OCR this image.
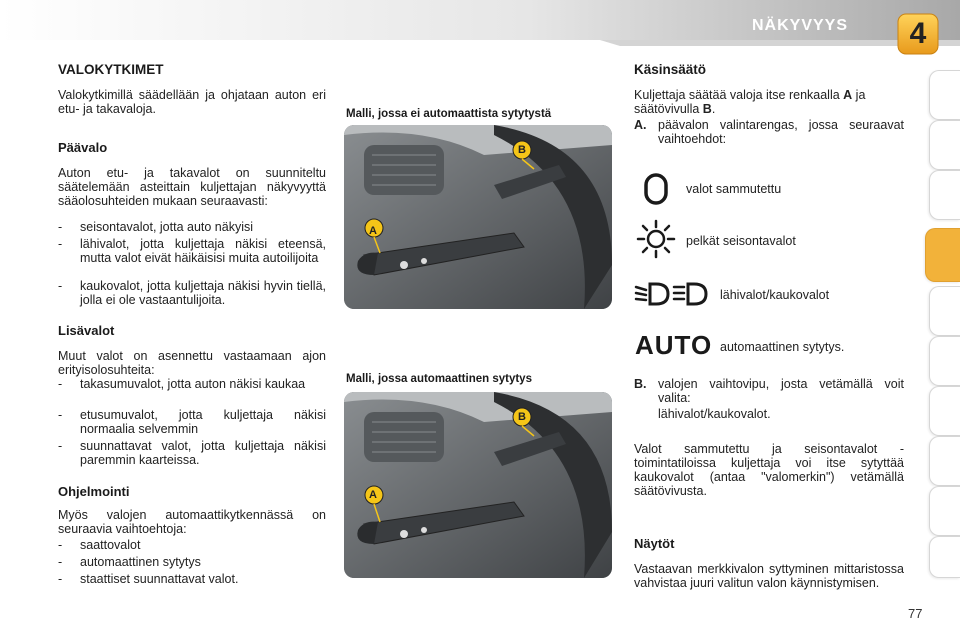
NÄKYVYYS	4
VALOKYTKIMET
Valokytkimillä säädellään ja ohjataan auton eri etu- ja takavaloja.
Päävalo
Auton etu- ja takavalot on suunniteltu säätelemään asteittain kuljettajan näkyvyyttä sääolosuhteiden mukaan seuraavasti:
-	seisontavalot, jotta auto näkyisi
-	lähivalot, jotta kuljettaja näkisi eteensä, mutta valot eivät häikäisisi muita autoilijoita
-	kaukovalot, jotta kuljettaja näkisi hyvin tiellä, jolla ei ole vastaantulijoita.
Lisävalot
Muut valot on asennettu vastaamaan ajon erityisolosuhteita:
-	takasumuvalot, jotta auton näkisi kaukaa
-	etusumuvalot, jotta kuljettaja näkisi normaalia selvemmin
-	suunnattavat valot, jotta kuljettaja näkisi paremmin kaarteissa.
Ohjelmointi
Myös valojen automaattikytkennässä on seuraavia vaihtoehtoja:
-	saattovalot
-	automaattinen sytytys
-	staattiset suunnattavat valot.
Malli, jossa ei automaattista sytytystä
A
B
Malli, jossa automaattinen sytytys
A
B
Käsinsäätö
Kuljettaja säätää valoja itse renkaalla A ja säätövivulla B.
A. päävalon valintarengas, jossa seuraavat vaihtoehdot:
valot sammutettu
pelkät seisontavalot
lähivalot/kaukovalot
AUTO automaattinen sytytys.
B. valojen vaihtovipu, josta vetämällä voit valita:
lähivalot/kaukovalot.
Valot sammutettu ja seisontavalot -toimintatiloissa kuljettaja voi itse sytyttää kaukovalot (antaa "valomerkin") vetämällä säätövivusta.
Näytöt
Vastaavan merkkivalon syttyminen mittaristossa vahvistaa juuri valitun valon käynnistymisen.
77
